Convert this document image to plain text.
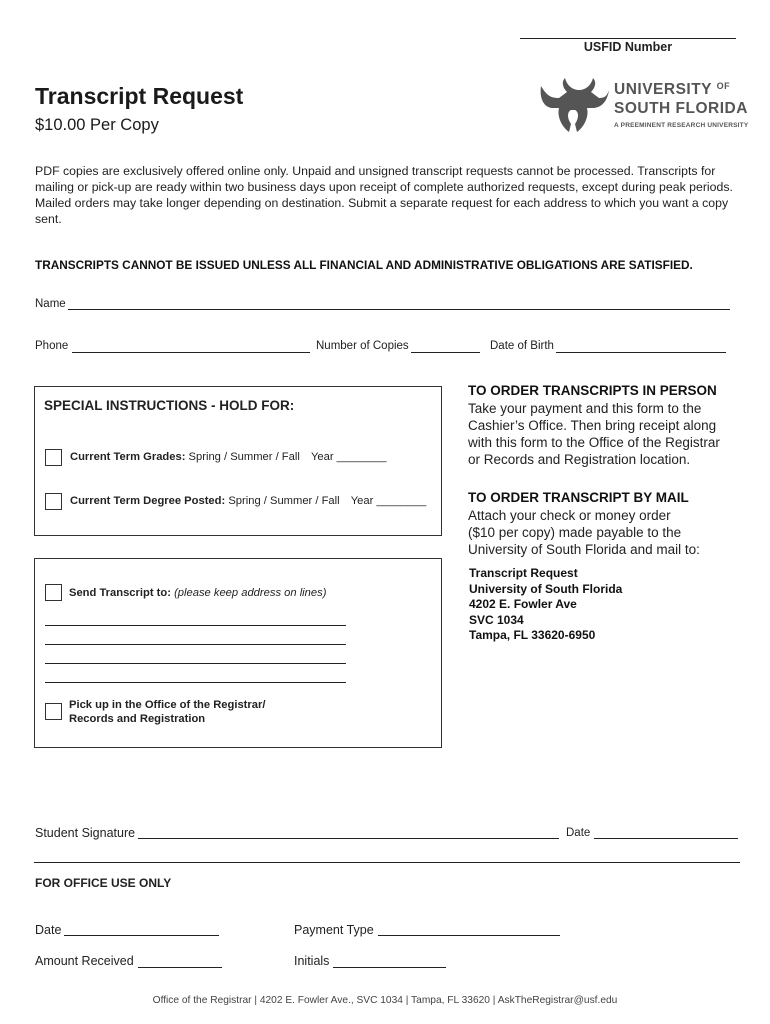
USFID Number
Transcript Request
$10.00 Per Copy
UNIVERSITY $^{OF}$
SOUTH FLORIDA
A PREEMINENT RESEARCH UNIVERSITY
PDF copies are exclusively offered online only. Unpaid and unsigned transcript requests cannot be processed. Transcripts for mailing or pick-up are ready within two business days upon receipt of complete authorized requests, except during peak periods. Mailed orders may take longer depending on destination. Submit a separate request for each address to which you want a copy sent.
TRANSCRIPTS CANNOT BE ISSUED UNLESS ALL FINANCIAL AND ADMINISTRATIVE OBLIGATIONS ARE SATISFIED.
Name
Phone	Number of Copies	Date of Birth
SPECIAL INSTRUCTIONS - HOLD FOR:
Current Term Grades: Spring / Summer / Fall Year ________
Current Term Degree Posted: Spring / Summer / Fall Year ________
Send Transcript to: (please keep address on lines)
Pick up in the Office of the Registrar/
Records and Registration
TO ORDER TRANSCRIPTS IN PERSON
Take your payment and this form to the
Cashier’s Office. Then bring receipt along
with this form to the Office of the Registrar
or Records and Registration location.
TO ORDER TRANSCRIPT BY MAIL
Attach your check or money order
($10 per copy) made payable to the
University of South Florida and mail to:
Transcript Request
University of South Florida
4202 E. Fowler Ave
SVC 1034
Tampa, FL 33620-6950
Student Signature	Date
FOR OFFICE USE ONLY
Date	Payment Type
Amount Received	Initials
Office of the Registrar | 4202 E. Fowler Ave., SVC 1034 | Tampa, FL 33620 | AskTheRegistrar@usf.edu
